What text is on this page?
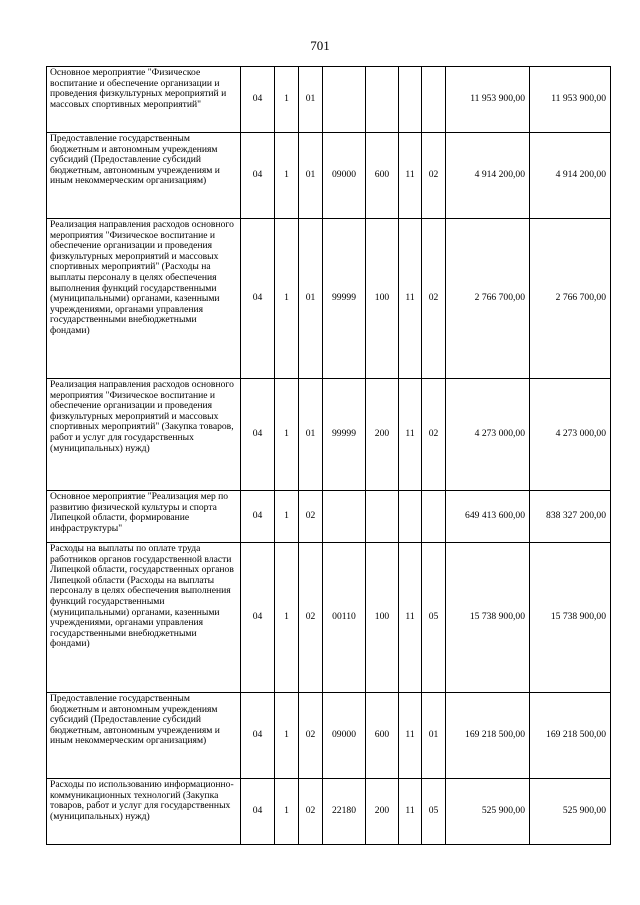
701
Основное мероприятие "Физическое воспитание и обеспечение организации и проведения физкультурных мероприятий и массовых спортивных мероприятий"	04	1	01					11 953 900,00	11 953 900,00
Предоставление государственным бюджетным и автономным учреждениям субсидий (Предоставление субсидий бюджетным, автономным учреждениям и иным некоммерческим организациям)	04	1	01	09000	600	11	02	4 914 200,00	4 914 200,00
Реализация направления расходов основного мероприятия "Физическое воспитание и обеспечение организации и проведения физкультурных мероприятий и массовых спортивных мероприятий" (Расходы на выплаты персоналу в целях обеспечения выполнения функций государственными (муниципальными) органами, казенными учреждениями, органами управления государственными внебюджетными фондами)	04	1	01	99999	100	11	02	2 766 700,00	2 766 700,00
Реализация направления расходов основного мероприятия "Физическое воспитание и обеспечение организации и проведения физкультурных мероприятий и массовых спортивных мероприятий" (Закупка товаров, работ и услуг для государственных (муниципальных) нужд)	04	1	01	99999	200	11	02	4 273 000,00	4 273 000,00
Основное мероприятие "Реализация мер по развитию физической культуры и спорта Липецкой области, формирование инфраструктуры"	04	1	02					649 413 600,00	838 327 200,00
Расходы на выплаты по оплате труда работников органов государственной власти Липецкой области, государственных органов Липецкой области (Расходы на выплаты персоналу в целях обеспечения выполнения функций государственными (муниципальными) органами, казенными учреждениями, органами управления государственными внебюджетными фондами)	04	1	02	00110	100	11	05	15 738 900,00	15 738 900,00
Предоставление государственным бюджетным и автономным учреждениям субсидий (Предоставление субсидий бюджетным, автономным учреждениям и иным некоммерческим организациям)	04	1	02	09000	600	11	01	169 218 500,00	169 218 500,00
Расходы по использованию информационно-коммуникационных технологий (Закупка товаров, работ и услуг для государственных (муниципальных) нужд)	04	1	02	22180	200	11	05	525 900,00	525 900,00
